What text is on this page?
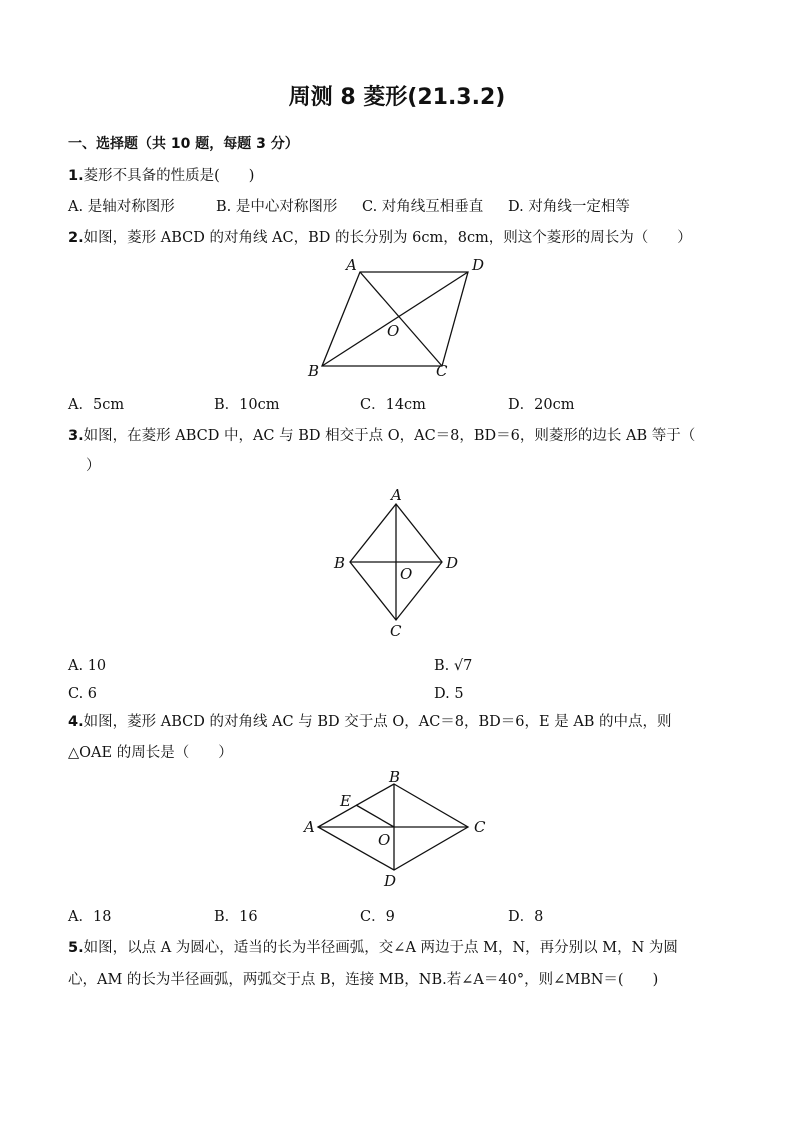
周测 8 菱形(21.3.2)
一、选择题（共 10 题，每题 3 分）
1.菱形不具备的性质是(　　)
A. 是轴对称图形	B. 是中心对称图形 C. 对角线互相垂直 D. 对角线一定相等
2.如图，菱形 ABCD 的对角线 AC，BD 的长分别为 6cm，8cm，则这个菱形的周长为（　　）
A	D
O
B	C
A．5cm	B．10cm	C．14cm	D．20cm
3.如图，在菱形 ABCD 中，AC 与 BD 相交于点 O，AC＝8，BD＝6，则菱形的边长 AB 等于（
）
A
B
O
D
C
A. 10	B. √7
C. 6	D. 5
4.如图，菱形 ABCD 的对角线 AC 与 BD 交于点 O，AC＝8，BD＝6，E 是 AB 的中点，则
△OAE 的周长是（　　）
B
E
A	C
O
D
A．18	B．16	C．9	D．8
5.如图，以点 A 为圆心，适当的长为半径画弧，交∠A 两边于点 M，N，再分别以 M，N 为圆
心，AM 的长为半径画弧，两弧交于点 B，连接 MB，NB.若∠A＝40°，则∠MBN＝(　　)
